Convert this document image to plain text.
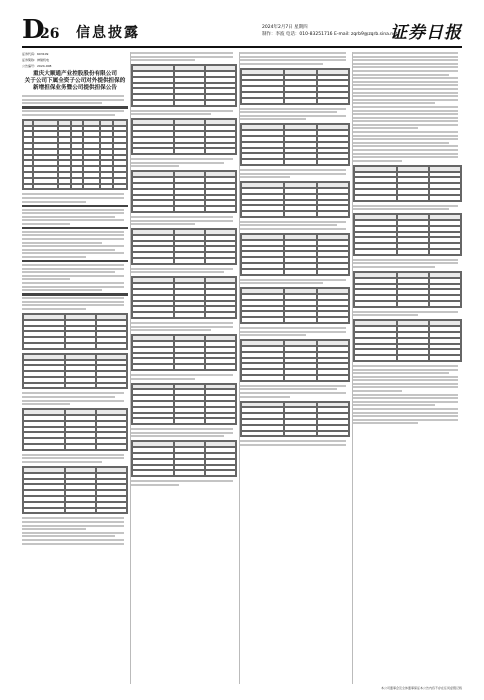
D
26 信息披露	2024年2月7日 星期四
制作：李波 电话：010-83251716 E-mail: zqrb9@zqrb.sina.net
证券日报
证券代码：603109
证券简称：神驰机电
公告编号：2024-008
重庆大顺通产业控股股份有限公司
关于公司下属全资子公司对外提供担保的
新增担保业务暨公司提供担保公告
本公司董事会及全体董事保证本公告内容不存在任何虚假记载
